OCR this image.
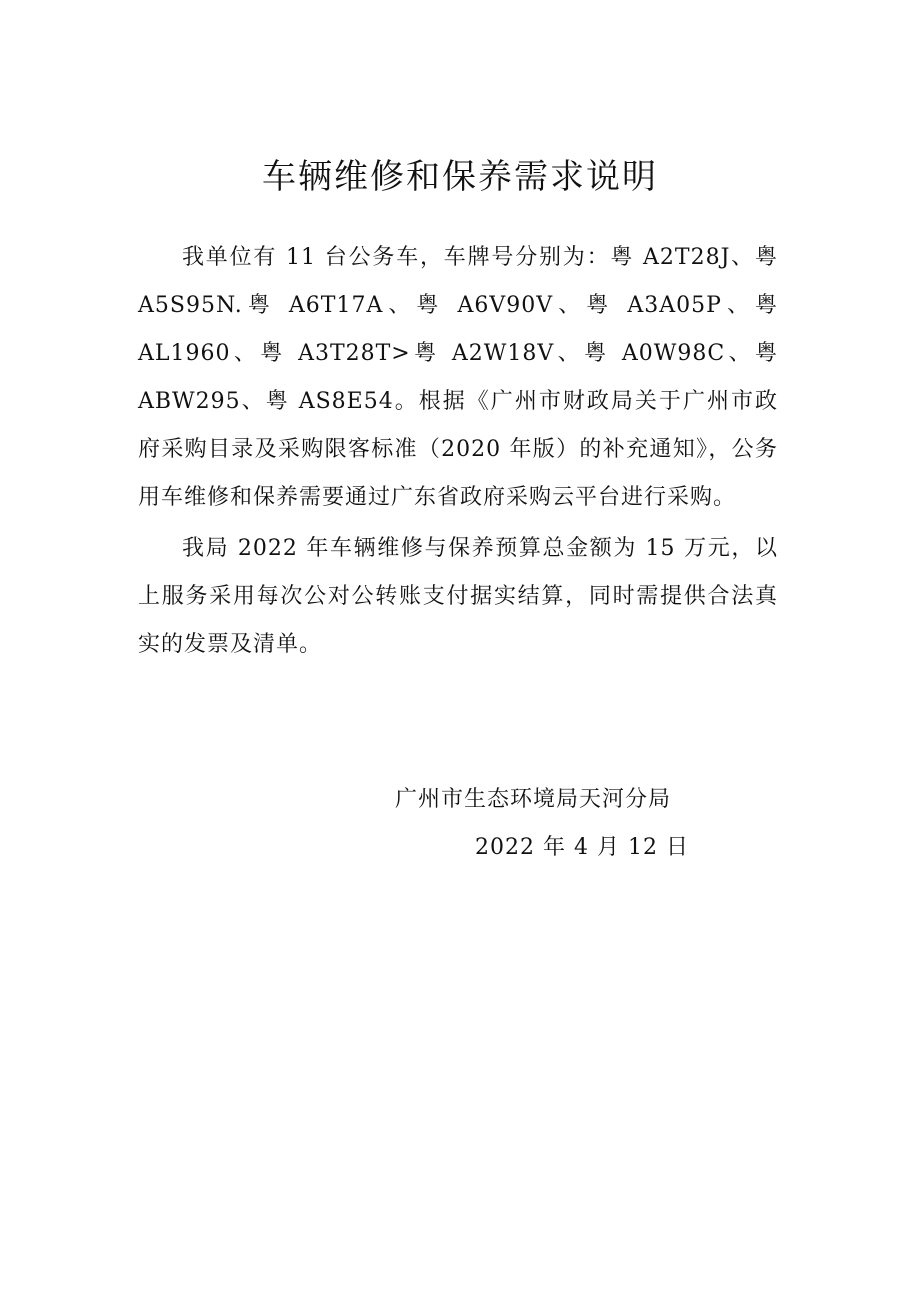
车辆维修和保养需求说明

我单位有 11 台公务车，车牌号分别为：粤 A2T28J、粤 A5S95N.粤 A6T17A、粤 A6V90V、粤 A3A05P、粤 AL1960、粤 A3T28T>粤 A2W18V、粤 A0W98C、粤 ABW295、粤 AS8E54。根据《广州市财政局关于广州市政府采购目录及采购限客标准（2020 年版）的补充通知》，公务用车维修和保养需要通过广东省政府采购云平台进行采购。

我局 2022 年车辆维修与保养预算总金额为 15 万元，以上服务采用每次公对公转账支付据实结算，同时需提供合法真实的发票及清单。

广州市生态环境局天河分局
2022 年 4 月 12 日
